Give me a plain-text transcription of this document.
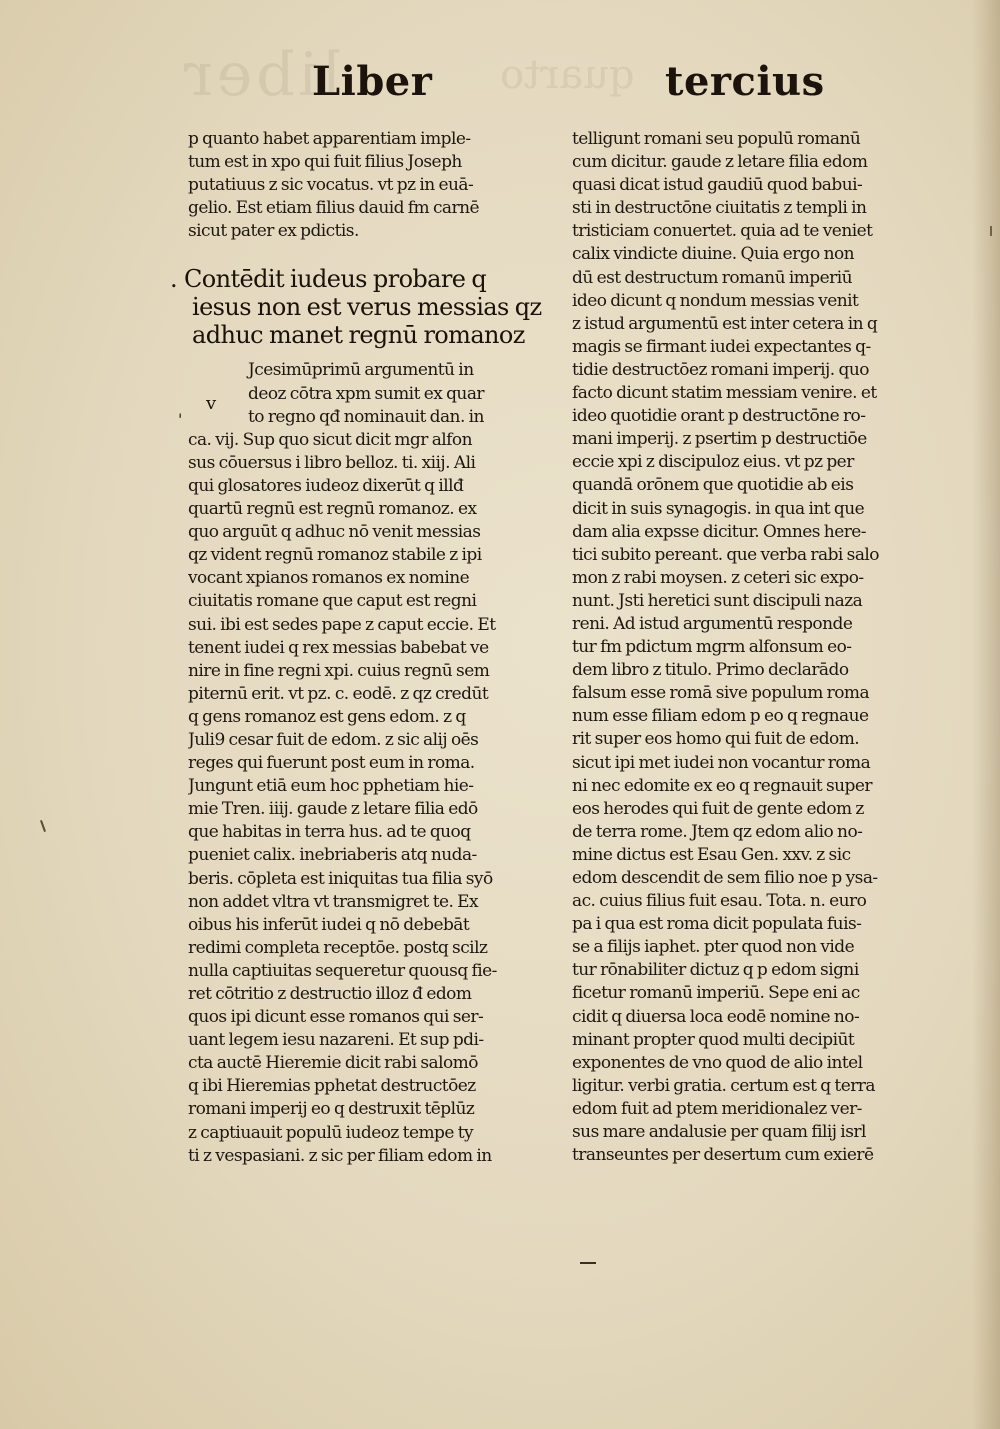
liber	quarto
Liber	tercius
'
p quanto habet apparentiam imple-
tum est in xpo qui fuit filius Joseph
putatiuus z sic vocatus. vt pz in euā-
gelio. Est etiam filius dauid fm carnē
sicut pater ex pdictis.
. Contēdit iudeus probare q
iesus non est verus messias qz
adhuc manet regnū romanoz
v
Jcesimūprimū argumentū in
deoz cōtra xpm sumit ex quar
to regno qđ nominauit dan. in
ca. vij. Sup quo sicut dicit mgr alfon
sus cōuersus i libro belloz. ti. xiij. Ali
qui glosatores iudeoz dixerūt q illđ
quartū regnū est regnū romanoz. ex
quo arguūt q adhuc nō venit messias
qz vident regnū romanoz stabile z ipi
vocant xpianos romanos ex nomine
ciuitatis romane que caput est regni
sui. ibi est sedes pape z caput eccie. Et
tenent iudei q rex messias babebat ve
nire in fine regni xpi. cuius regnū sem
piternū erit. vt pz. c. eodē. z qz credūt
q gens romanoz est gens edom. z q
Juli9 cesar fuit de edom. z sic alij oēs
reges qui fuerunt post eum in roma.
Jungunt etiā eum hoc pphetiam hie-
mie Tren. iiij. gaude z letare filia edō
que habitas in terra hus. ad te quoq
pueniet calix. inebriaberis atq nuda-
beris. cōpleta est iniquitas tua filia syō
non addet vltra vt transmigret te. Ex
oibus his inferūt iudei q nō debebāt
redimi completa receptōe. postq scilz
nulla captiuitas sequeretur quousq fie-
ret cōtritio z destructio illoz đ edom
quos ipi dicunt esse romanos qui ser-
uant legem iesu nazareni. Et sup pdi-
cta auctē Hieremie dicit rabi salomō
q ibi Hieremias pphetat destructōez
romani imperij eo q destruxit tēplūz
z captiuauit populū iudeoz tempe ty
ti z vespasiani. z sic per filiam edom in
telligunt romani seu populū romanū
cum dicitur. gaude z letare filia edom
quasi dicat istud gaudiū quod babui-
sti in destructōne ciuitatis z templi in
tristiciam conuertet. quia ad te veniet
calix vindicte diuine. Quia ergo non
dū est destructum romanū imperiū
ideo dicunt q nondum messias venit
z istud argumentū est inter cetera in q
magis se firmant iudei expectantes q-
tidie destructōez romani imperij. quo
facto dicunt statim messiam venire. et
ideo quotidie orant p destructōne ro-
mani imperij. z psertim p destructiōe
eccie xpi z discipuloz eius. vt pz per
quandā orōnem que quotidie ab eis
dicit in suis synagogis. in qua int que
dam alia expsse dicitur. Omnes here-
tici subito pereant. que verba rabi salo
mon z rabi moysen. z ceteri sic expo-
nunt. Jsti heretici sunt discipuli naza
reni. Ad istud argumentū responde
tur fm pdictum mgrm alfonsum eo-
dem libro z titulo. Primo declarādo
falsum esse romā sive populum roma
num esse filiam edom p eo q regnaue
rit super eos homo qui fuit de edom.
sicut ipi met iudei non vocantur roma
ni nec edomite ex eo q regnauit super
eos herodes qui fuit de gente edom z
de terra rome. Jtem qz edom alio no-
mine dictus est Esau Gen. xxv. z sic
edom descendit de sem filio noe p ysa-
ac. cuius filius fuit esau. Tota. n. euro
pa i qua est roma dicit populata fuis-
se a filijs iaphet. pter quod non vide
tur rōnabiliter dictuz q p edom signi
ficetur romanū imperiū. Sepe eni ac
cidit q diuersa loca eodē nomine no-
minant propter quod multi decipiūt
exponentes de vno quod de alio intel
ligitur. verbi gratia. certum est q terra
edom fuit ad ptem meridionalez ver-
sus mare andalusie per quam filij isrl
transeuntes per desertum cum exierē
